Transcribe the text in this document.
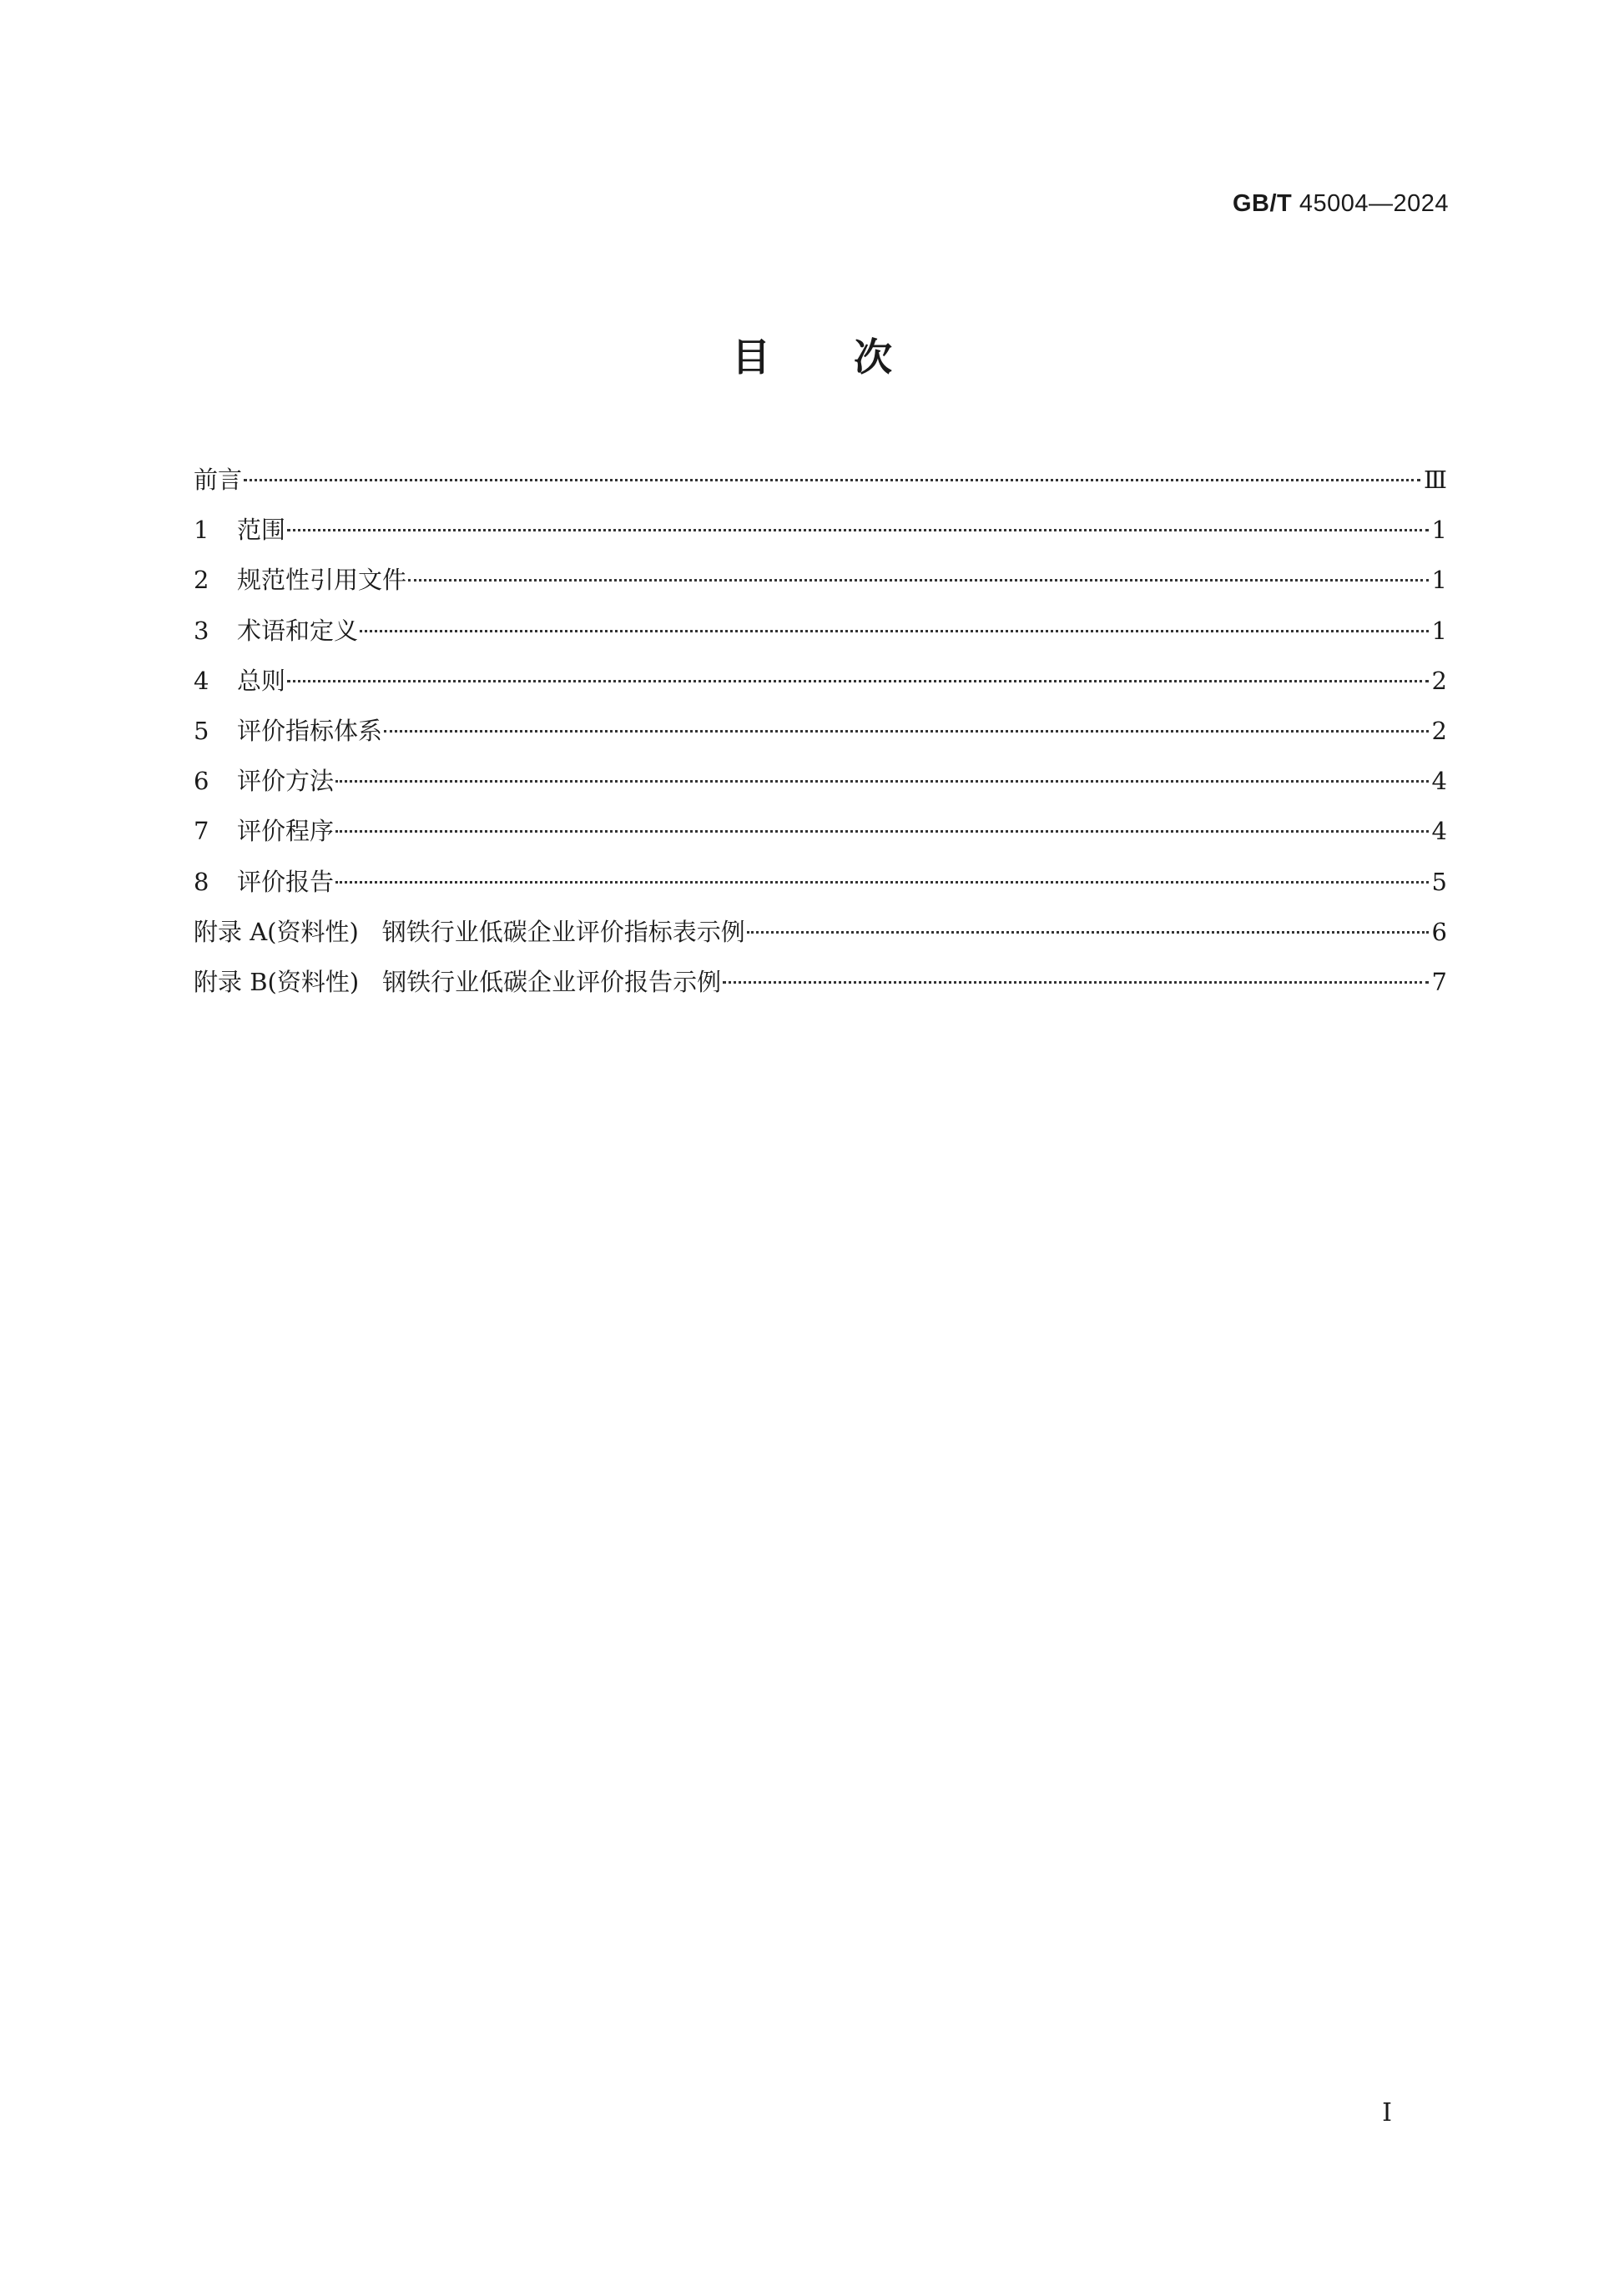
GB/T 45004—2024
目 次
前言	Ⅲ
1	范围	1
2	规范性引用文件	1
3	术语和定义	1
4	总则	2
5	评价指标体系	2
6	评价方法	4
7	评价程序	4
8	评价报告	5
附录 A(资料性) 钢铁行业低碳企业评价指标表示例	6
附录 B(资料性) 钢铁行业低碳企业评价报告示例	7
I
